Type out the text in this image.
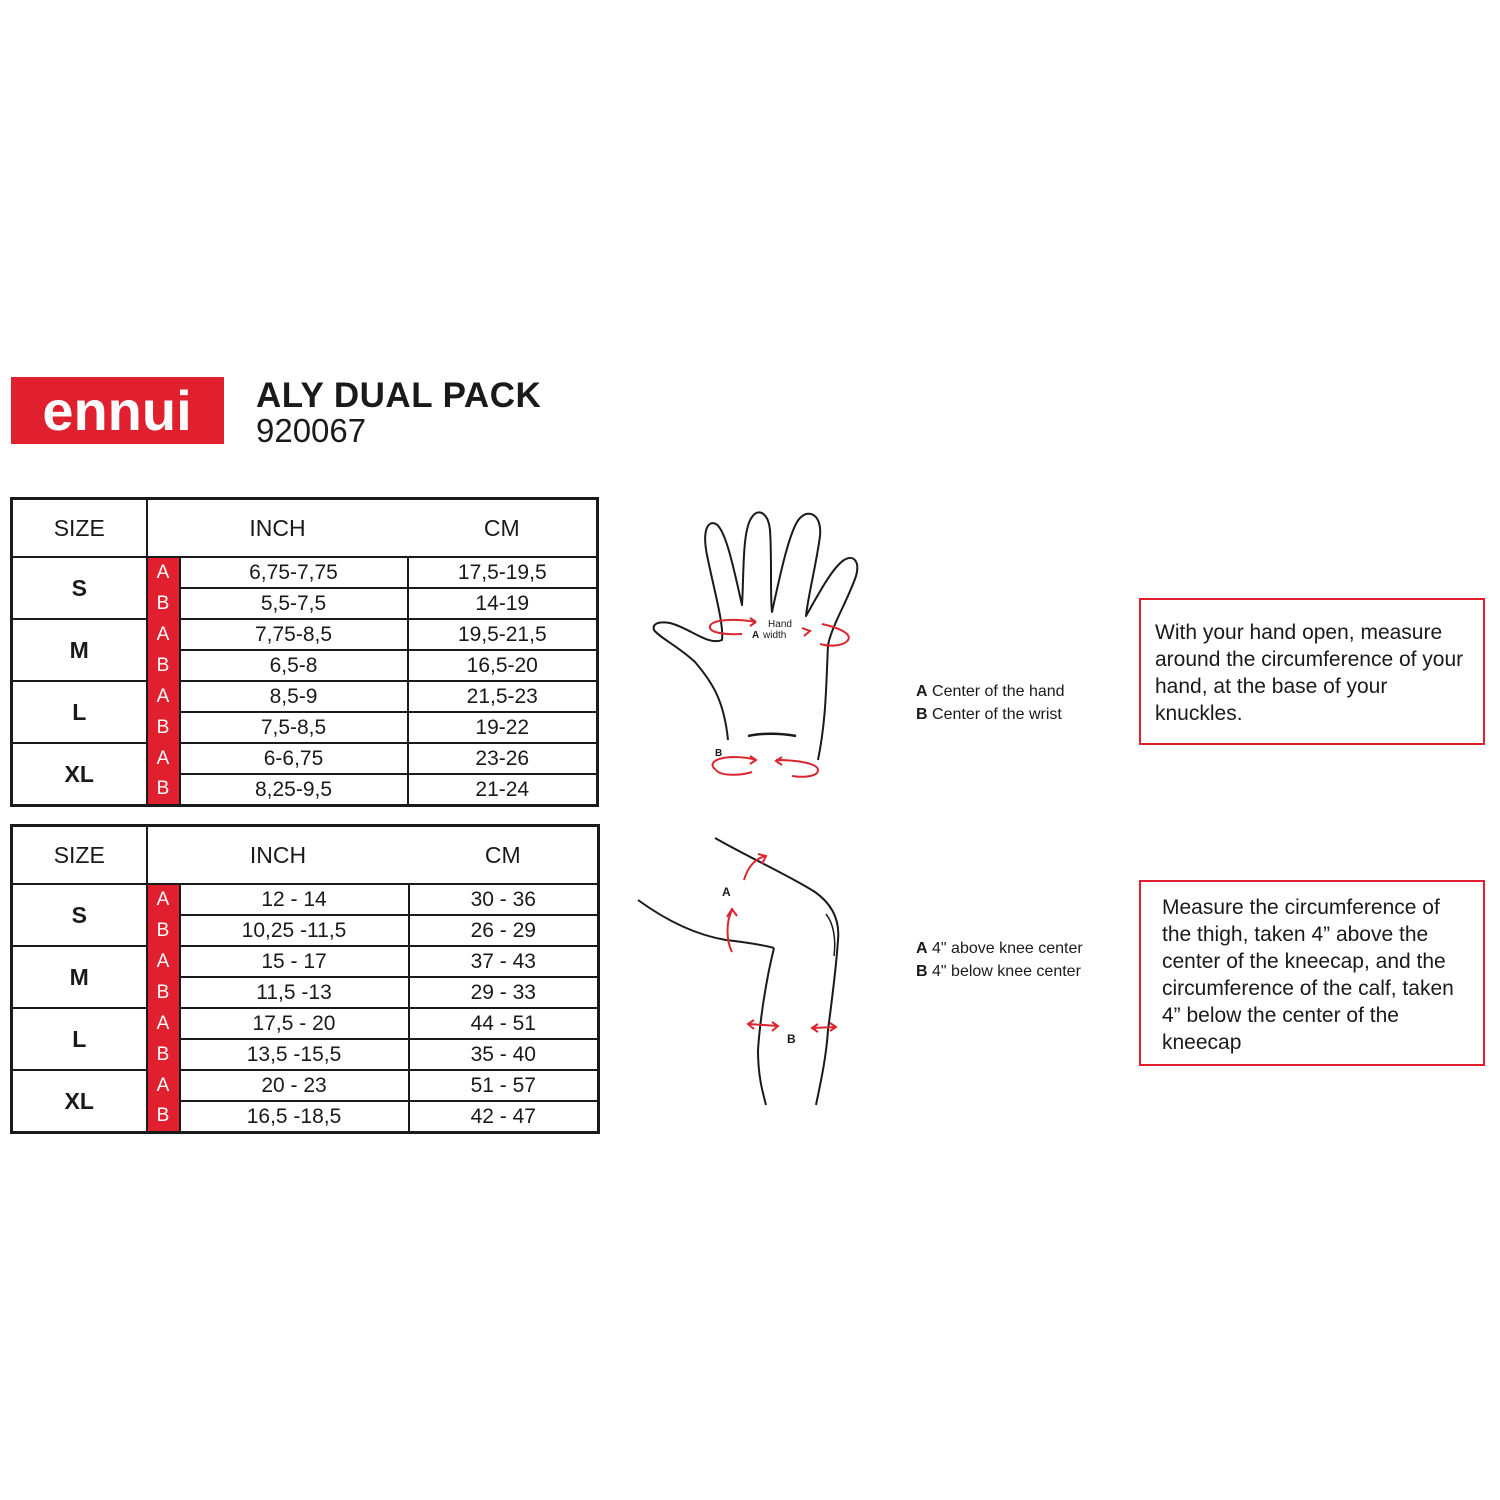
ennui ALY DUAL PACK
920067
SIZE	INCH		CM
S	A	6,75-7,75	17,5-19,5
	B	5,5-7,5	14-19
M	A	7,75-8,5	19,5-21,5
	B	6,5-8	16,5-20
L	A	8,5-9	21,5-23
	B	7,5-8,5	19-22
XL	A	6-6,75	23-26
	B	8,25-9,5	21-24
SIZE	INCH		CM
S	A	12 - 14	30 - 36
	B	10,25 -11,5	26 - 29
M	A	15 - 17	37 - 43
	B	11,5 -13	29 - 33
L	A	17,5 - 20	44 - 51
	B	13,5 -15,5	35 - 40
XL	A	20 - 23	51 - 57
	B	16,5 -18,5	42 - 47
Hand
A width
B
A Center of the hand
B Center of the wrist
With your hand open, measure around the circumference of your hand, at the base of your knuckles.
A
B
A 4" above knee center
B 4" below knee center
Measure the circumference of the thigh, taken 4” above the center of the kneecap, and the circumference of the calf, taken 4” below the center of the kneecap
